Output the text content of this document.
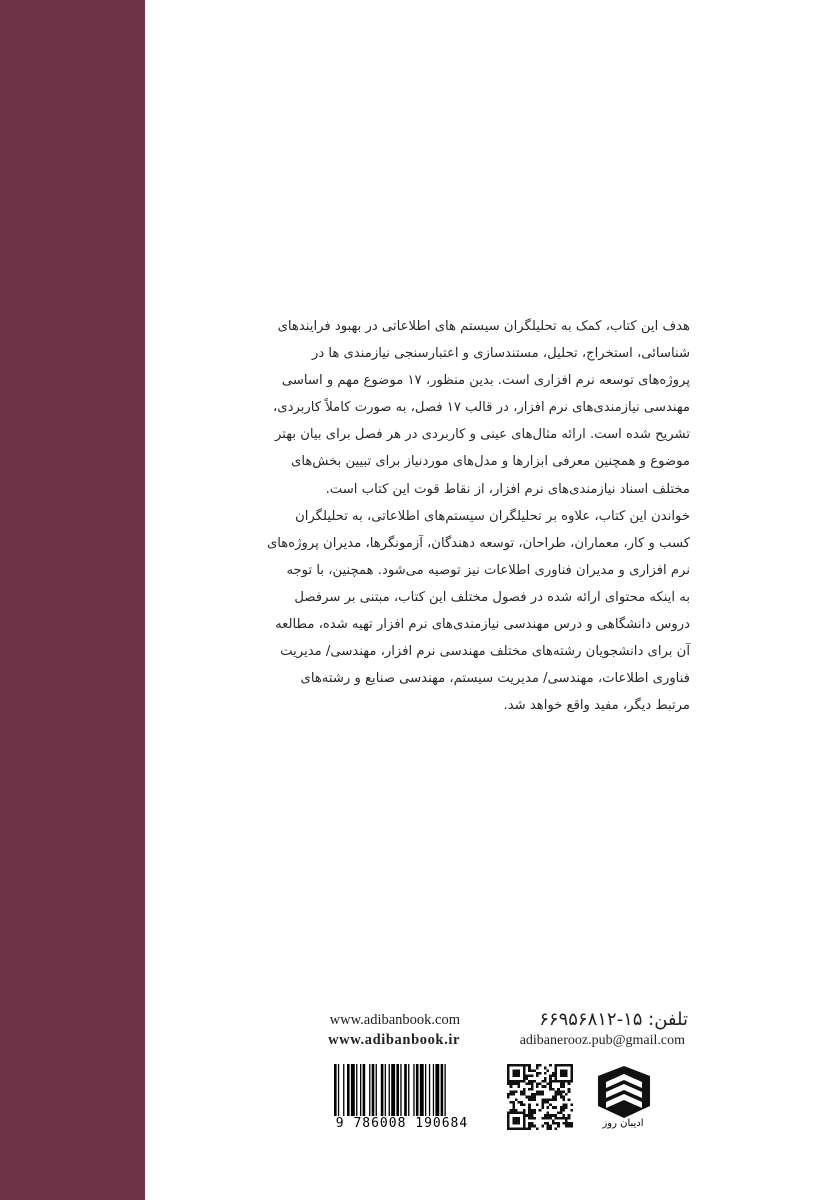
هدف این کتاب، کمک به تحلیلگران سیستم های اطلاعاتی در بهبود فرایندهای

شناسائی، استخراج، تحلیل، مستندسازی و اعتبارسنجی نیازمندی ها در

پروژه‌های توسعه نرم افزاری است. بدین منظور، ۱۷ موضوع مهم و اساسی

مهندسی نیازمندی‌های نرم افزار، در قالب ۱۷ فصل، به صورت کاملاً کاربردی،

تشریح شده است. ارائه مثال‌های عینی و کاربردی در هر فصل برای بیان بهتر

موضوع و همچنین معرفی ابزارها و مدل‌های موردنیاز برای تبیین بخش‌های

مختلف اسناد نیازمندی‌های نرم افزار، از نقاط قوت این کتاب است.

خواندن این کتاب، علاوه بر تحلیلگران سیستم‌های اطلاعاتی، به تحلیلگران

کسب و کار، معماران، طراحان، توسعه دهندگان، آزمونگرها، مدیران پروژه‌های

نرم افزاری و مدیران فناوری اطلاعات نیز توصیه می‌شود. همچنین، با توجه

به اینکه محتوای ارائه شده در فصول مختلف این کتاب، مبتنی بر سرفصل

دروس دانشگاهی و درس مهندسی نیازمندی‌های نرم افزار تهیه شده، مطالعه

آن برای دانشجویان رشته‌های مختلف مهندسی نرم افزار، مهندسی/ مدیریت

فناوری اطلاعات، مهندسی/ مدیریت سیستم، مهندسی صنایع و رشته‌های

مرتبط دیگر، مفید واقع خواهد شد.

تلفن: ۱۵-۶۶۹۵۶۸۱۲
adibanerooz.pub@gmail.com
www.adibanbook.com
www.adibanbook.ir
9 786008 190684	ادیبان روز
